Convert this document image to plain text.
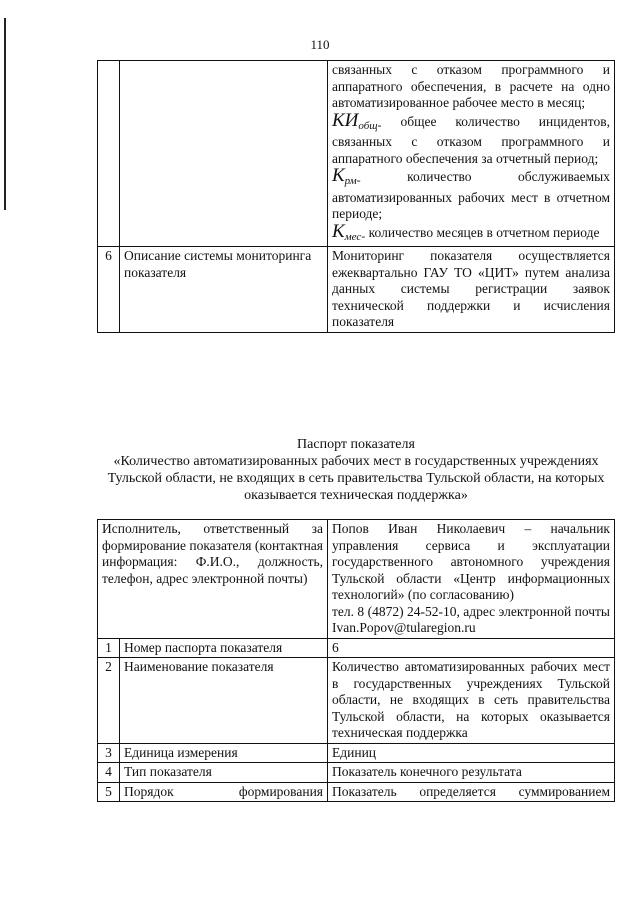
110
		связанных с отказом программного и аппаратного обеспечения, в расчете на одно автоматизированное рабочее место в месяц;
$КИ_{общ}-$ общее количество инцидентов, связанных с отказом программного и аппаратного обеспечения за отчетный период;
$К_{рм}-$ количество обслуживаемых автоматизированных рабочих мест в отчетном периоде;
$К_{мес}-$ количество месяцев в отчетном периоде

6	Описание системы мониторинга показателя	Мониторинг показателя осуществляется ежеквартально ГАУ ТО «ЦИТ» путем анализа данных системы регистрации заявок технической поддержки и исчисления показателя
Паспорт показателя
«Количество автоматизированных рабочих мест в государственных учреждениях Тульской области, не входящих в сеть правительства Тульской области, на которых оказывается техническая поддержка»
Исполнитель, ответственный за формирование показателя (контактная информация: Ф.И.О., должность, телефон, адрес электронной почты)		Попов Иван Николаевич – начальник управления сервиса и эксплуатации государственного автономного учреждения Тульской области «Центр информационных технологий» (по согласованию)
тел. 8 (4872) 24-52-10, адрес электронной почты Ivan.Popov@tularegion.ru
1	Номер паспорта показателя	6
2	Наименование показателя	Количество автоматизированных рабочих мест в государственных учреждениях Тульской области, не входящих в сеть правительства Тульской области, на которых оказывается техническая поддержка
3	Единица измерения	Единиц
4	Тип показателя	Показатель конечного результата
5	Порядок формирования	Показатель определяется суммированием
